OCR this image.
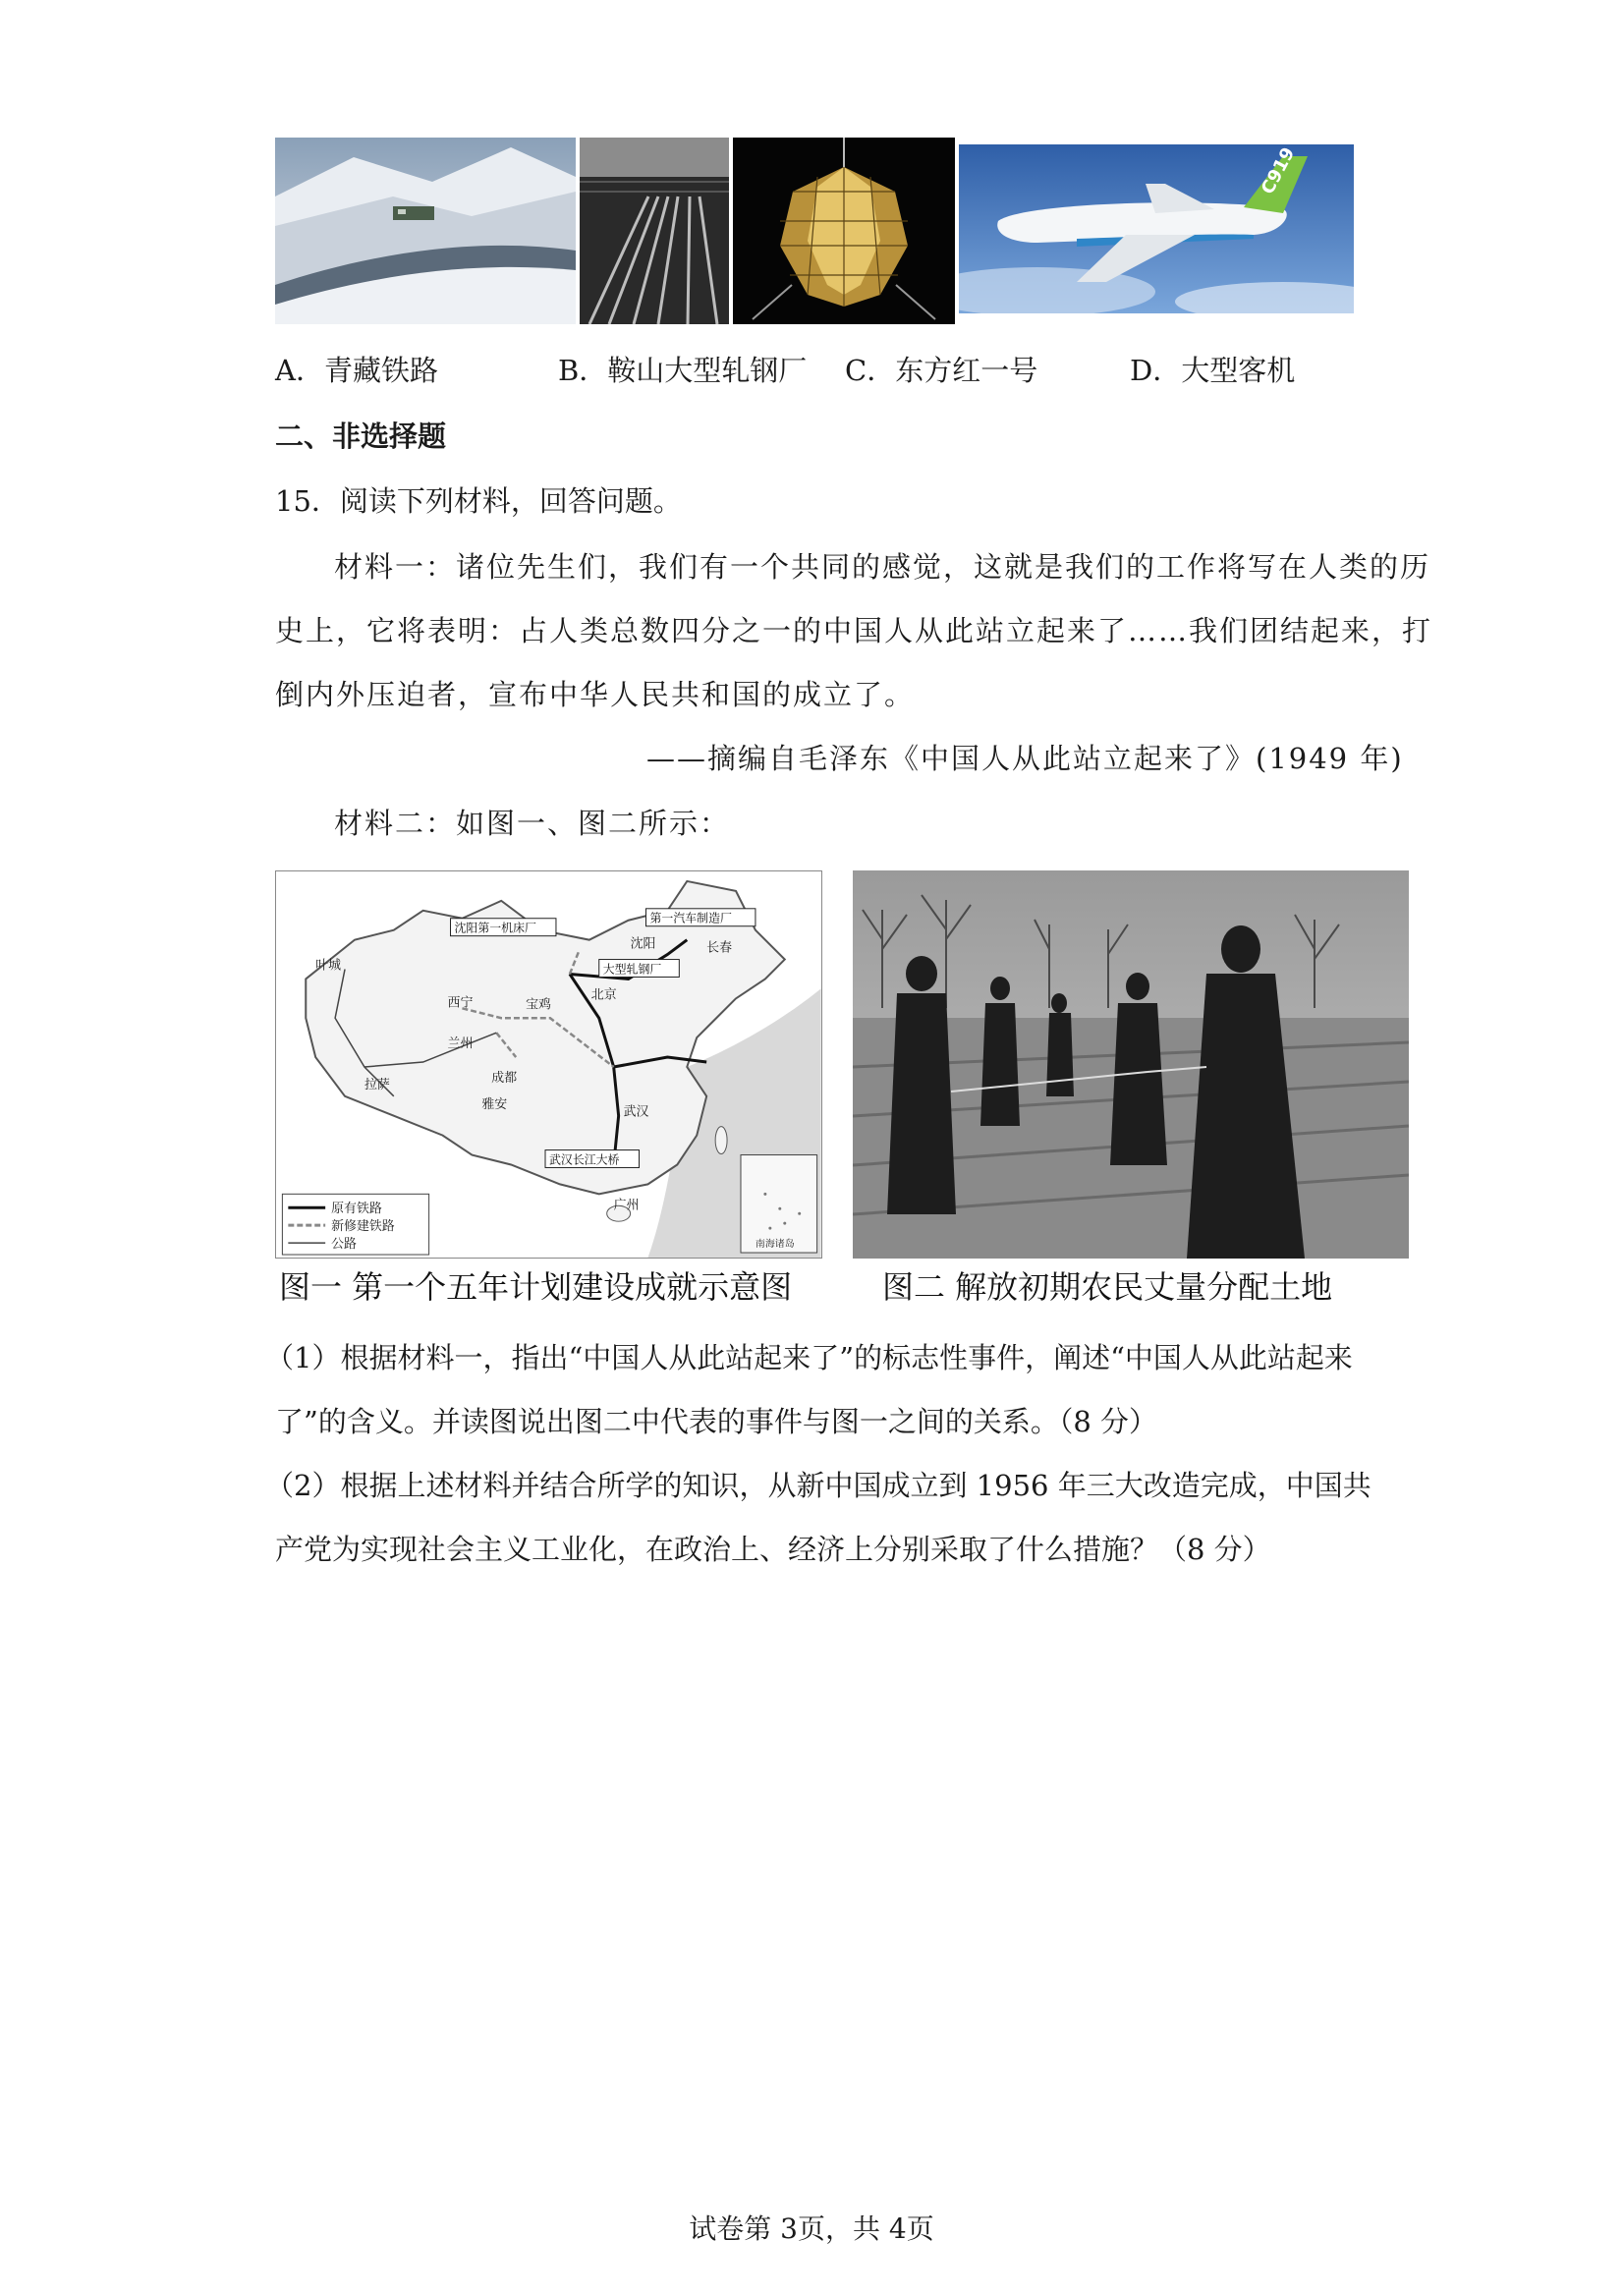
C919
A．青藏铁路	B．鞍山大型轧钢厂 C．东方红一号	D．大型客机
二、非选择题
15．阅读下列材料，回答问题。
材料一：诸位先生们，我们有一个共同的感觉，这就是我们的工作将写在人类的历
史上，它将表明：占人类总数四分之一的中国人从此站立起来了……我们团结起来，打
倒内外压迫者，宣布中华人民共和国的成立了。
——摘编自毛泽东《中国人从此站立起来了》(1949 年)
材料二：如图一、图二所示：
沈阳第一机床厂
第一汽车制造厂
大型轧钢厂
武汉长江大桥
北京
沈阳	长春
西宁
兰州
宝鸡
成都
雅安
拉萨
武汉
广州
叶城
南海诸岛
原有铁路
新修建铁路
公路
图一 第一个五年计划建设成就示意图	图二 解放初期农民丈量分配土地
（1）根据材料一，指出“中国人从此站起来了”的标志性事件，阐述“中国人从此站起来
了”的含义。并读图说出图二中代表的事件与图一之间的关系。（8 分）
（2）根据上述材料并结合所学的知识，从新中国成立到 1956 年三大改造完成，中国共
产党为实现社会主义工业化，在政治上、经济上分别采取了什么措施？（8 分）
试卷第 3页，共 4页
